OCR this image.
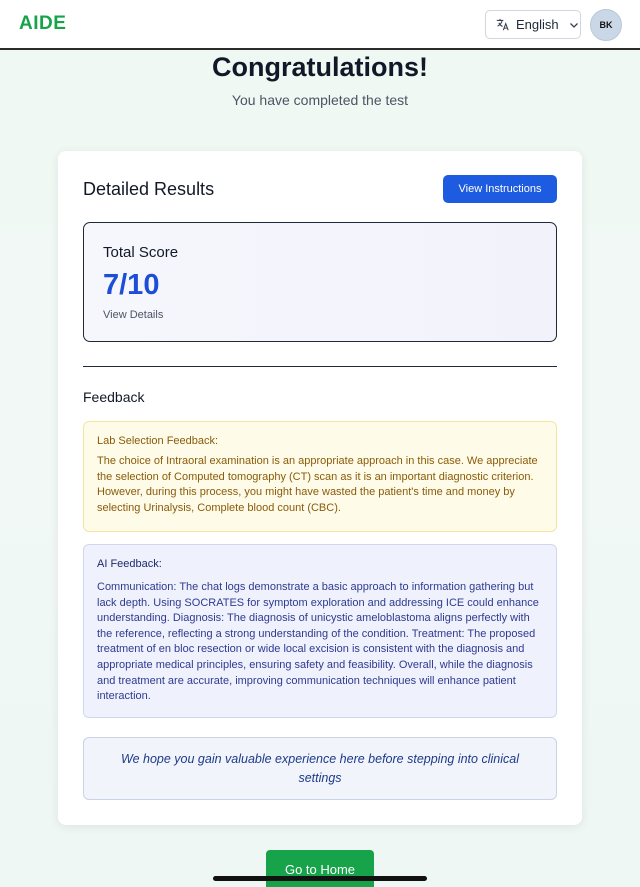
AIDE	English	BK
Congratulations!
You have completed the test
Detailed Results	View Instructions
Total Score
7/10
View Details
Feedback
Lab Selection Feedback:
The choice of Intraoral examination is an appropriate approach in this case. We appreciate the selection of Computed tomography (CT) scan as it is an important diagnostic criterion. However, during this process, you might have wasted the patient's time and money by selecting Urinalysis, Complete blood count (CBC).
AI Feedback:
Communication: The chat logs demonstrate a basic approach to information gathering but lack depth. Using SOCRATES for symptom exploration and addressing ICE could enhance understanding. Diagnosis: The diagnosis of unicystic ameloblastoma aligns perfectly with the reference, reflecting a strong understanding of the condition. Treatment: The proposed treatment of en bloc resection or wide local excision is consistent with the diagnosis and appropriate medical principles, ensuring safety and feasibility. Overall, while the diagnosis and treatment are accurate, improving communication techniques will enhance patient interaction.
We hope you gain valuable experience here before stepping into clinical settings
Go to Home
